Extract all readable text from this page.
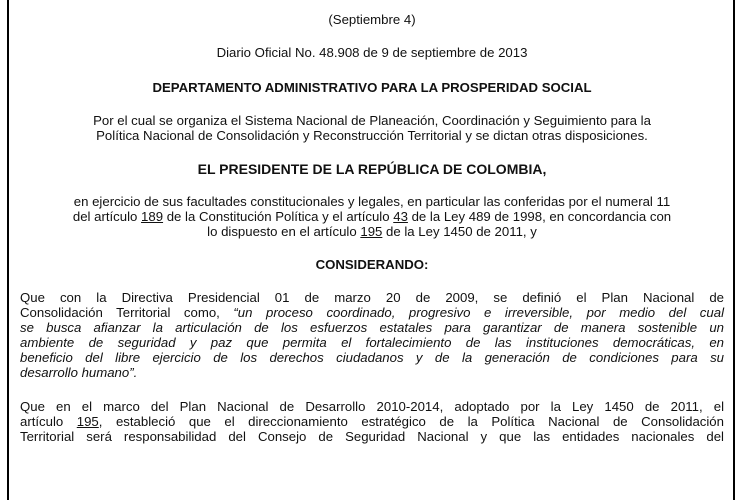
(Septiembre 4)
Diario Oficial No. 48.908 de 9 de septiembre de 2013
DEPARTAMENTO ADMINISTRATIVO PARA LA PROSPERIDAD SOCIAL
Por el cual se organiza el Sistema Nacional de Planeación, Coordinación y Seguimiento para la
Política Nacional de Consolidación y Reconstrucción Territorial y se dictan otras disposiciones.
EL PRESIDENTE DE LA REPÚBLICA DE COLOMBIA,
en ejercicio de sus facultades constitucionales y legales, en particular las conferidas por el numeral 11
del artículo 189 de la Constitución Política y el artículo 43 de la Ley 489 de 1998, en concordancia con
lo dispuesto en el artículo 195 de la Ley 1450 de 2011, y
CONSIDERANDO:
Que con la Directiva Presidencial 01 de marzo 20 de 2009, se definió el Plan Nacional de
Consolidación Territorial como, “un proceso coordinado, progresivo e irreversible, por medio del cual
se busca afianzar la articulación de los esfuerzos estatales para garantizar de manera sostenible un
ambiente de seguridad y paz que permita el fortalecimiento de las instituciones democráticas, en
beneficio del libre ejercicio de los derechos ciudadanos y de la generación de condiciones para su
desarrollo humano”.
Que en el marco del Plan Nacional de Desarrollo 2010-2014, adoptado por la Ley 1450 de 2011, el
artículo 195, estableció que el direccionamiento estratégico de la Política Nacional de Consolidación
Territorial será responsabilidad del Consejo de Seguridad Nacional y que las entidades nacionales del
